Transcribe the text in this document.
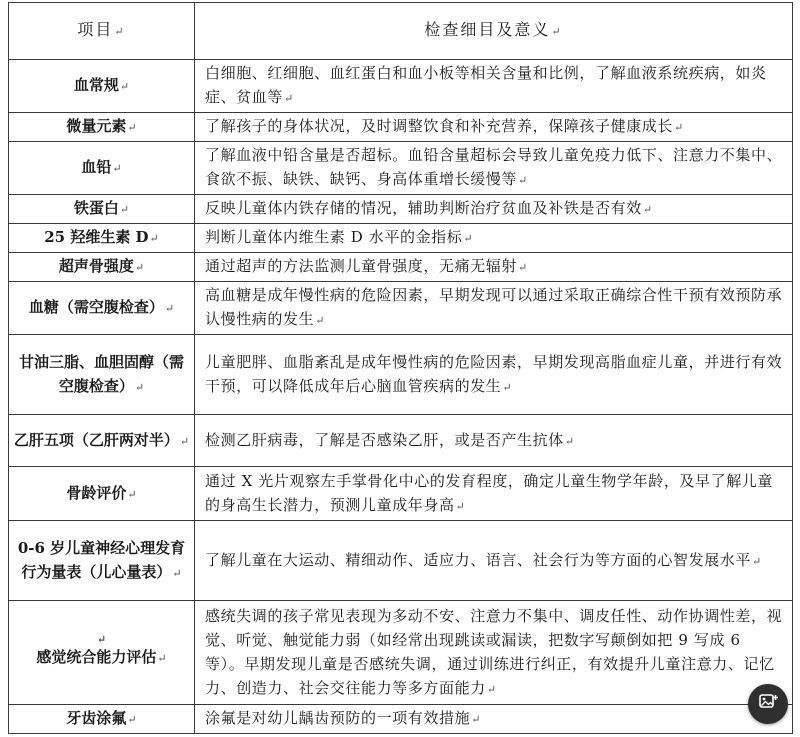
项目↵	检查细目及意义↵
血常规↵	白细胞、红细胞、血红蛋白和血小板等相关含量和比例，了解血液系统疾病，如炎症、贫血等↵
微量元素↵	了解孩子的身体状况，及时调整饮食和补充营养，保障孩子健康成长↵
血铅↵	了解血液中铅含量是否超标。血铅含量超标会导致儿童免疫力低下、注意力不集中、食欲不振、缺铁、缺钙、身高体重增长缓慢等↵
铁蛋白↵	反映儿童体内铁存储的情况，辅助判断治疗贫血及补铁是否有效↵
25 羟维生素 D↵	判断儿童体内维生素 D 水平的金指标↵
超声骨强度↵	通过超声的方法监测儿童骨强度，无痛无辐射↵
血糖（需空腹检查）↵	高血糖是成年慢性病的危险因素，早期发现可以通过采取正确综合性干预有效预防承认慢性病的发生↵
甘油三脂、血胆固醇（需空腹检查）↵	儿童肥胖、血脂紊乱是成年慢性病的危险因素，早期发现高脂血症儿童，并进行有效干预，可以降低成年后心脑血管疾病的发生↵
乙肝五项（乙肝两对半）↵	检测乙肝病毒，了解是否感染乙肝，或是否产生抗体↵
骨龄评价↵	通过 X 光片观察左手掌骨化中心的发育程度，确定儿童生物学年龄，及早了解儿童的身高生长潜力，预测儿童成年身高↵
0-6 岁儿童神经心理发育行为量表（儿心量表）↵	了解儿童在大运动、精细动作、适应力、语言、社会行为等方面的心智发展水平↵

↵
感觉统合能力评估↵	感统失调的孩子常见表现为多动不安、注意力不集中、调皮任性、动作协调性差，视觉、听觉、触觉能力弱（如经常出现跳读或漏读，把数字写颠倒如把 9 写成 6 等）。早期发现儿童是否感统失调，通过训练进行纠正，有效提升儿童注意力、记忆力、创造力、社会交往能力等多方面能力↵
牙齿涂氟↵	涂氟是对幼儿龋齿预防的一项有效措施↵
